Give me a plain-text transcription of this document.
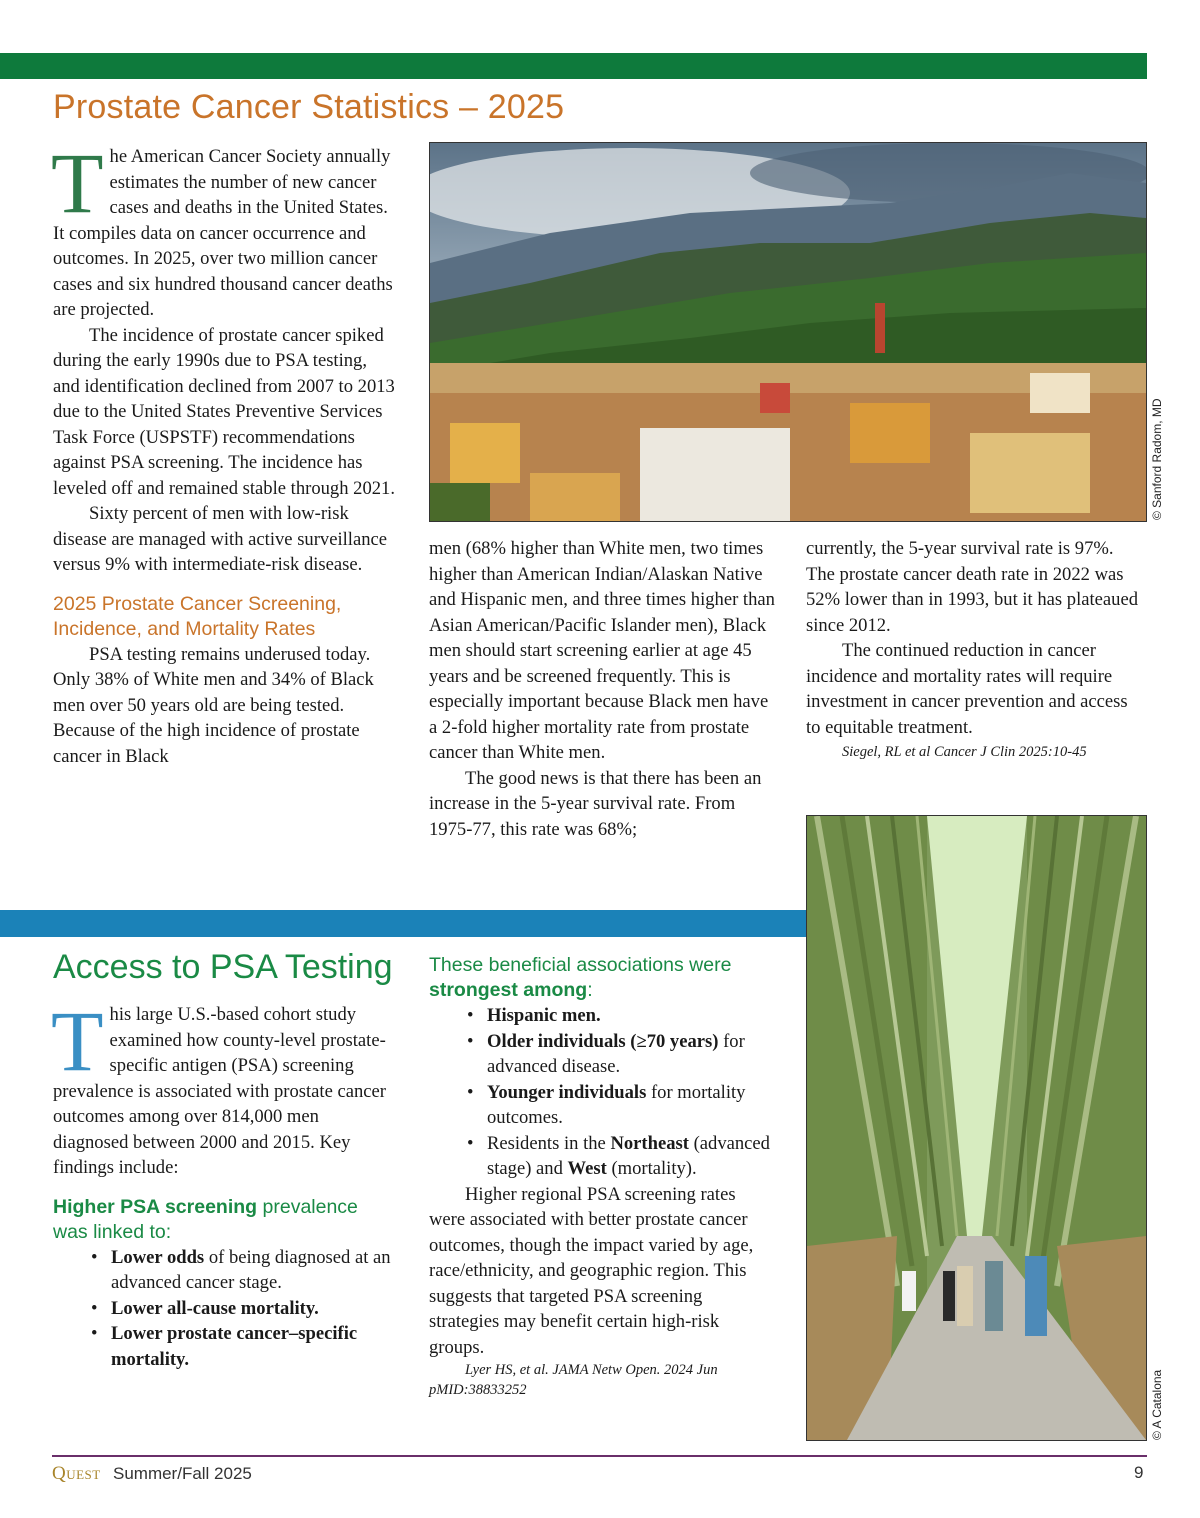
Prostate Cancer Statistics – 2025

The American Cancer Society annually estimates the number of new cancer cases and deaths in the United States. It compiles data on cancer occurrence and outcomes. In 2025, over two million cancer cases and six hundred thousand cancer deaths are projected.

The incidence of prostate cancer spiked during the early 1990s due to PSA testing, and identification declined from 2007 to 2013 due to the United States Preventive Services Task Force (USPSTF) recommendations against PSA screening. The incidence has leveled off and remained stable through 2021.

Sixty percent of men with low-risk disease are managed with active surveillance versus 9% with intermediate-risk disease.

2025 Prostate Cancer Screening, Incidence, and Mortality Rates

PSA testing remains underused today. Only 38% of White men and 34% of Black men over 50 years old are being tested. Because of the high incidence of prostate cancer in Black

© Sanford Radom, MD

men (68% higher than White men, two times higher than American Indian/Alaskan Native and Hispanic men, and three times higher than Asian American/Pacific Islander men), Black men should start screening earlier at age 45 years and be screened frequently. This is especially important because Black men have a 2-fold higher mortality rate from prostate cancer than White men.

The good news is that there has been an increase in the 5-year survival rate. From 1975-77, this rate was 68%;

currently, the 5-year survival rate is 97%. The prostate cancer death rate in 2022 was 52% lower than in 1993, but it has plateaued since 2012.

The continued reduction in cancer incidence and mortality rates will require investment in cancer prevention and access to equitable treatment.

Siegel, RL et al Cancer J Clin 2025:10-45
© A Catalona
Access to PSA Testing

This large U.S.-based cohort study examined how county-level prostate-specific antigen (PSA) screening prevalence is associated with prostate cancer outcomes among over 814,000 men diagnosed between 2000 and 2015. Key findings include:

Higher PSA screening prevalence was linked to:
• Lower odds of being diagnosed at an advanced cancer stage.
• Lower all-cause mortality.
• Lower prostate cancer–specific mortality.
These beneficial associations were strongest among:
• Hispanic men.
• Older individuals (≥70 years) for advanced disease.
• Younger individuals for mortality outcomes.
• Residents in the Northeast (advanced stage) and West (mortality).

Higher regional PSA screening rates were associated with better prostate cancer outcomes, though the impact varied by age, race/ethnicity, and geographic region. This suggests that targeted PSA screening strategies may benefit certain high-risk groups.

Lyer HS, et al. JAMA Netw Open. 2024 Jun pMID:38833252
Quest Summer/Fall 2025	9
